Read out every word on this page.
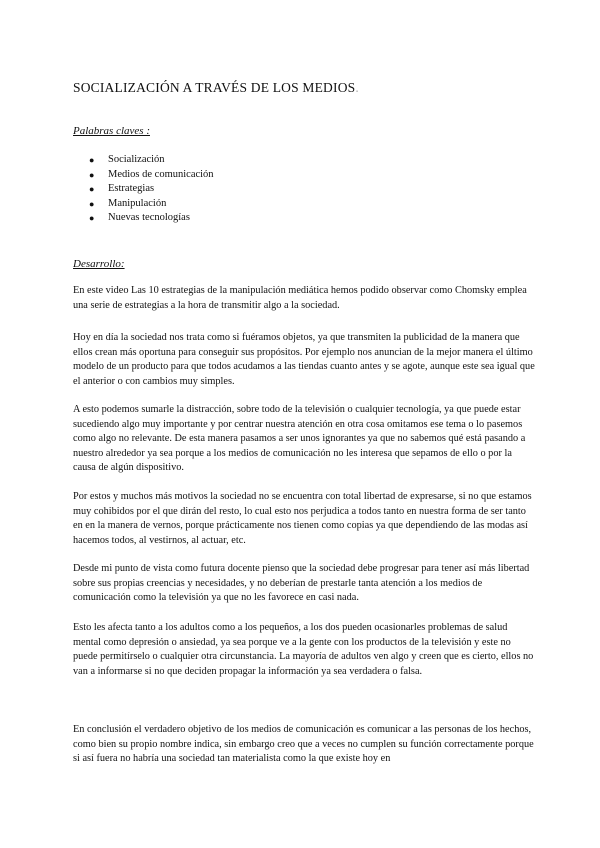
SOCIALIZACIÓN A TRAVÉS DE LOS MEDIOS.
Palabras claves :
● Socialización
● Medios de comunicación
● Estrategias
● Manipulación
● Nuevas tecnologías
Desarrollo:

En este video Las 10 estrategias de la manipulación mediática hemos podido observar como Chomsky emplea una serie de estrategias a la hora de transmitir algo a la sociedad.

Hoy en día la sociedad nos trata como si fuéramos objetos, ya que transmiten la publicidad de la manera que ellos crean más oportuna para conseguir sus propósitos. Por ejemplo nos anuncian de la mejor manera el último modelo de un producto para que todos acudamos a las tiendas cuanto antes y se agote, aunque este sea igual que el anterior o con cambios muy simples.

A esto podemos sumarle la distracción, sobre todo de la televisión o cualquier tecnología, ya que puede estar sucediendo algo muy importante y por centrar nuestra atención en otra cosa omitamos ese tema o lo pasemos como algo no relevante. De esta manera pasamos a ser unos ignorantes ya que no sabemos qué está pasando a nuestro alrededor ya sea porque a los medios de comunicación no les interesa que sepamos de ello o por la causa de algún dispositivo.

Por estos y muchos más motivos la sociedad no se encuentra con total libertad de expresarse, si no que estamos muy cohibidos por el que dirán del resto, lo cual esto nos perjudica a todos tanto en nuestra forma de ser tanto en en la manera de vernos, porque prácticamente nos tienen como copias ya que dependiendo de las modas así hacemos todos, al vestirnos, al actuar, etc.

Desde mi punto de vista como futura docente pienso que la sociedad debe progresar para tener así más libertad sobre sus propias creencias y necesidades, y no deberían de prestarle tanta atención a los medios de comunicación como la televisión ya que no les favorece en casi nada.

Esto les afecta tanto a los adultos como a los pequeños, a los dos pueden ocasionarles problemas de salud mental como depresión o ansiedad, ya sea porque ve a la gente con los productos de la televisión y este no puede permitírselo o cualquier otra circunstancia. La mayoría de adultos ven algo y creen que es cierto, ellos no van a informarse si no que deciden propagar la información ya sea verdadera o falsa.

En conclusión el verdadero objetivo de los medios de comunicación es comunicar a las personas de los hechos, como bien su propio nombre indica, sin embargo creo que a veces no cumplen su función correctamente porque si así fuera no habría una sociedad tan materialista como la que existe hoy en
